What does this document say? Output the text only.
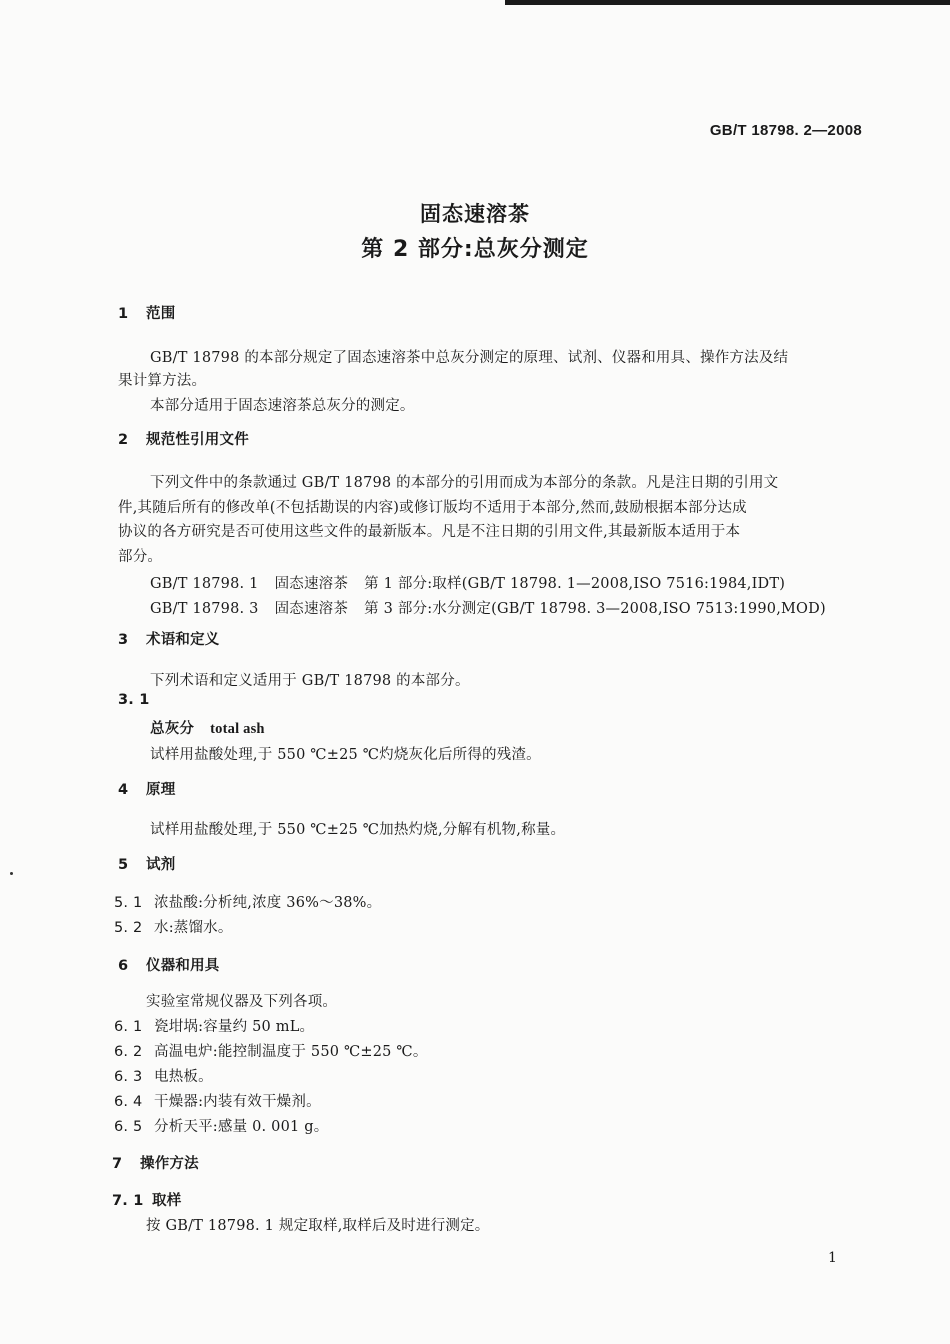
GB/T 18798. 2—2008
固态速溶茶
第 2 部分:总灰分测定
1 范围
GB/T 18798 的本部分规定了固态速溶茶中总灰分测定的原理、试剂、仪器和用具、操作方法及结
果计算方法。
本部分适用于固态速溶茶总灰分的测定。
2 规范性引用文件
下列文件中的条款通过 GB/T 18798 的本部分的引用而成为本部分的条款。凡是注日期的引用文
件,其随后所有的修改单(不包括勘误的内容)或修订版均不适用于本部分,然而,鼓励根据本部分达成
协议的各方研究是否可使用这些文件的最新版本。凡是不注日期的引用文件,其最新版本适用于本
部分。
GB/T 18798. 1 固态速溶茶 第 1 部分:取样(GB/T 18798. 1—2008,ISO 7516:1984,IDT)
GB/T 18798. 3 固态速溶茶 第 3 部分:水分测定(GB/T 18798. 3—2008,ISO 7513:1990,MOD)
3 术语和定义
下列术语和定义适用于 GB/T 18798 的本部分。
3. 1
总灰分 total ash
试样用盐酸处理,于 550 ℃±25 ℃灼烧灰化后所得的残渣。
4 原理
试样用盐酸处理,于 550 ℃±25 ℃加热灼烧,分解有机物,称量。
5 试剂
5. 1 浓盐酸:分析纯,浓度 36%～38%。
5. 2 水:蒸馏水。
6 仪器和用具
实验室常规仪器及下列各项。
6. 1 瓷坩埚:容量约 50 mL。
6. 2 高温电炉:能控制温度于 550 ℃±25 ℃。
6. 3 电热板。
6. 4 干燥器:内装有效干燥剂。
6. 5 分析天平:感量 0. 001 g。
7 操作方法
7. 1 取样
按 GB/T 18798. 1 规定取样,取样后及时进行测定。
1
